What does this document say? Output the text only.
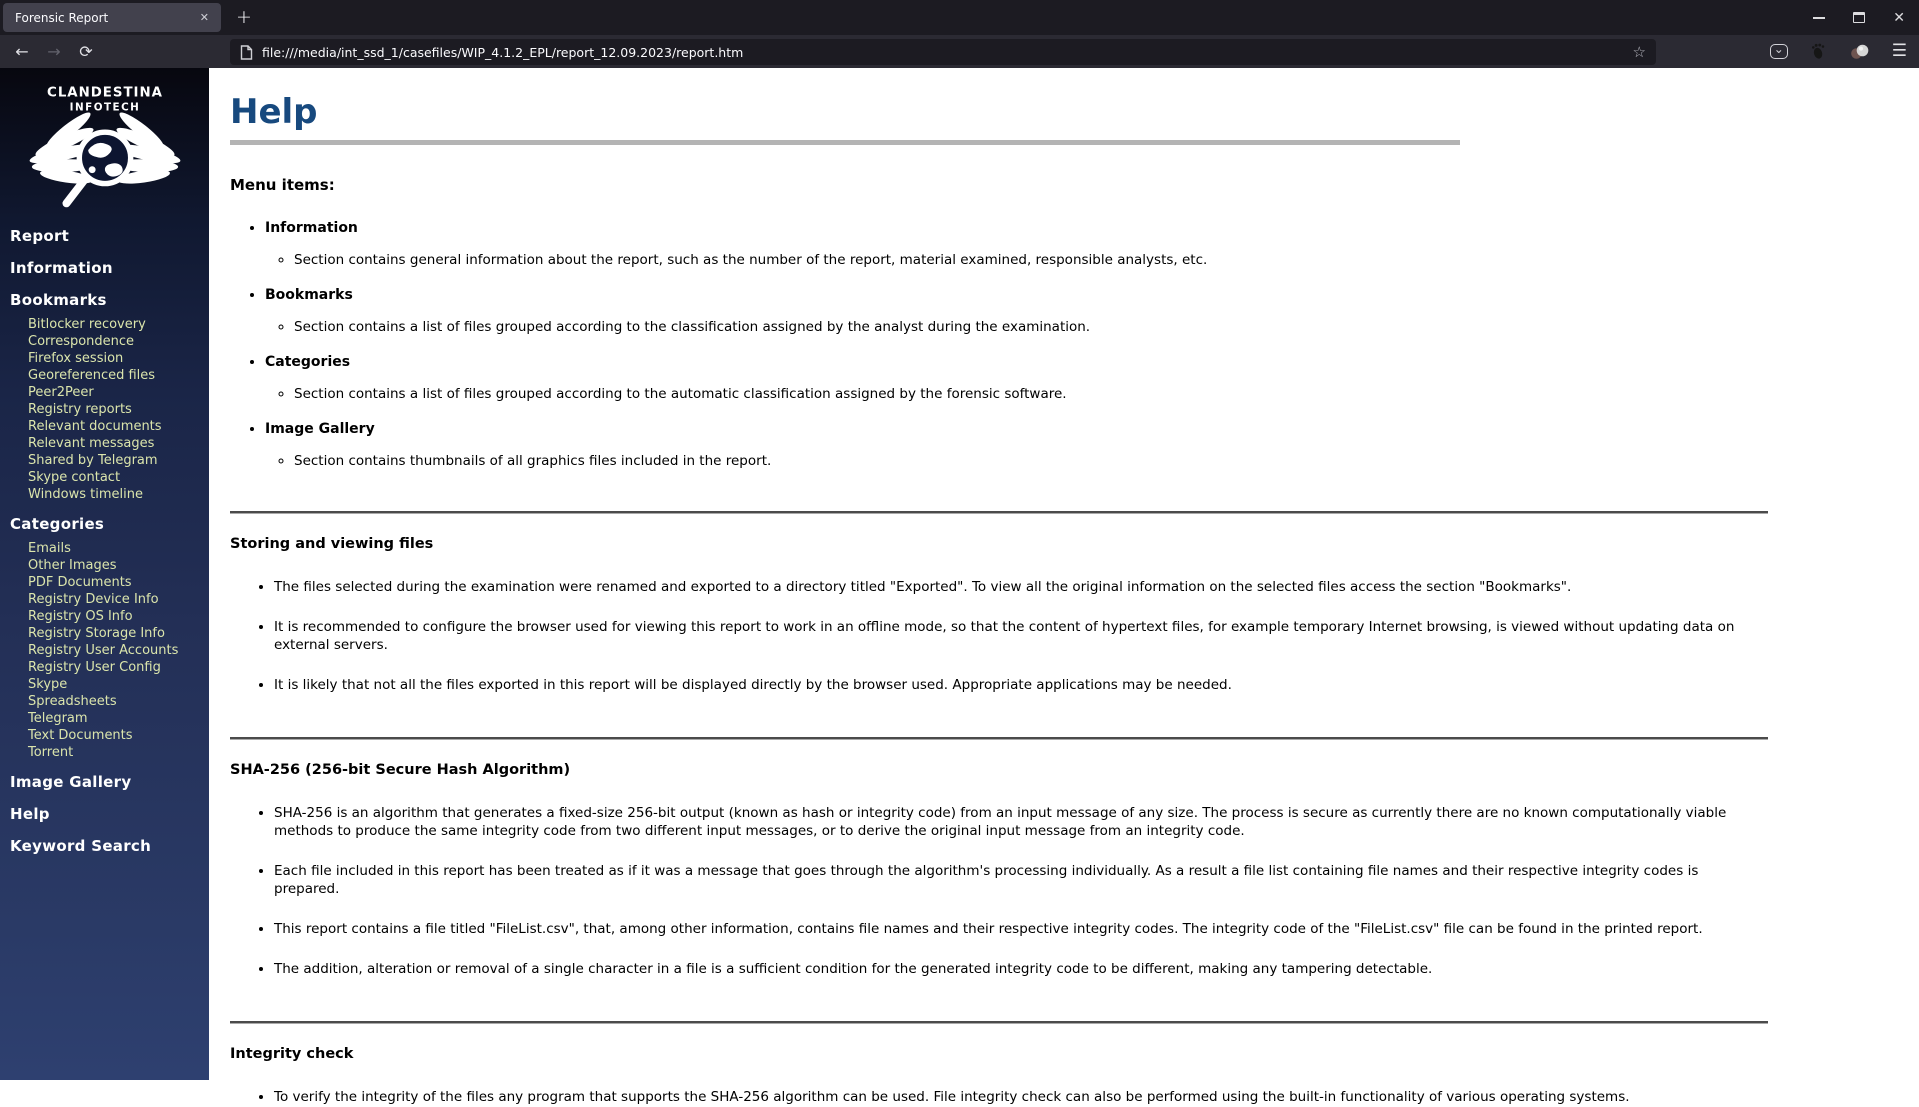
Forensic Report	✕ +	✕
←	→	⟳	file:///media/int_ssd_1/casefiles/WIP_4.1.2_EPL/report_12.09.2023/report.htm	☆	⌄	☰
CLANDESTINA
INFOTECH
Report
Information
Bookmarks
Bitlocker recovery
Correspondence
Firefox session
Georeferenced files
Peer2Peer
Registry reports
Relevant documents
Relevant messages
Shared by Telegram
Skype contact
Windows timeline
Categories
Emails
Other Images
PDF Documents
Registry Device Info
Registry OS Info
Registry Storage Info
Registry User Accounts
Registry User Config
Skype
Spreadsheets
Telegram
Text Documents
Torrent
Image Gallery
Help
Keyword Search
Help
Menu items:
• Information
◦ Section contains general information about the report, such as the number of the report, material examined, responsible analysts, etc.
• Bookmarks
◦ Section contains a list of files grouped according to the classification assigned by the analyst during the examination.
• Categories
◦ Section contains a list of files grouped according to the automatic classification assigned by the forensic software.
• Image Gallery
◦ Section contains thumbnails of all graphics files included in the report.
Storing and viewing files
• The files selected during the examination were renamed and exported to a directory titled "Exported". To view all the original information on the selected files access the section "Bookmarks".
• It is recommended to configure the browser used for viewing this report to work in an offline mode, so that the content of hypertext files, for example temporary Internet browsing, is viewed without updating data on external servers.
• It is likely that not all the files exported in this report will be displayed directly by the browser used. Appropriate applications may be needed.
SHA-256 (256-bit Secure Hash Algorithm)
• SHA-256 is an algorithm that generates a fixed-size 256-bit output (known as hash or integrity code) from an input message of any size. The process is secure as currently there are no known computationally viable methods to produce the same integrity code from two different input messages, or to derive the original input message from an integrity code.
• Each file included in this report has been treated as if it was a message that goes through the algorithm's processing individually. As a result a file list containing file names and their respective integrity codes is prepared.
• This report contains a file titled "FileList.csv", that, among other information, contains file names and their respective integrity codes. The integrity code of the "FileList.csv" file can be found in the printed report.
• The addition, alteration or removal of a single character in a file is a sufficient condition for the generated integrity code to be different, making any tampering detectable.
Integrity check
• To verify the integrity of the files any program that supports the SHA-256 algorithm can be used. File integrity check can also be performed using the built-in functionality of various operating systems.
